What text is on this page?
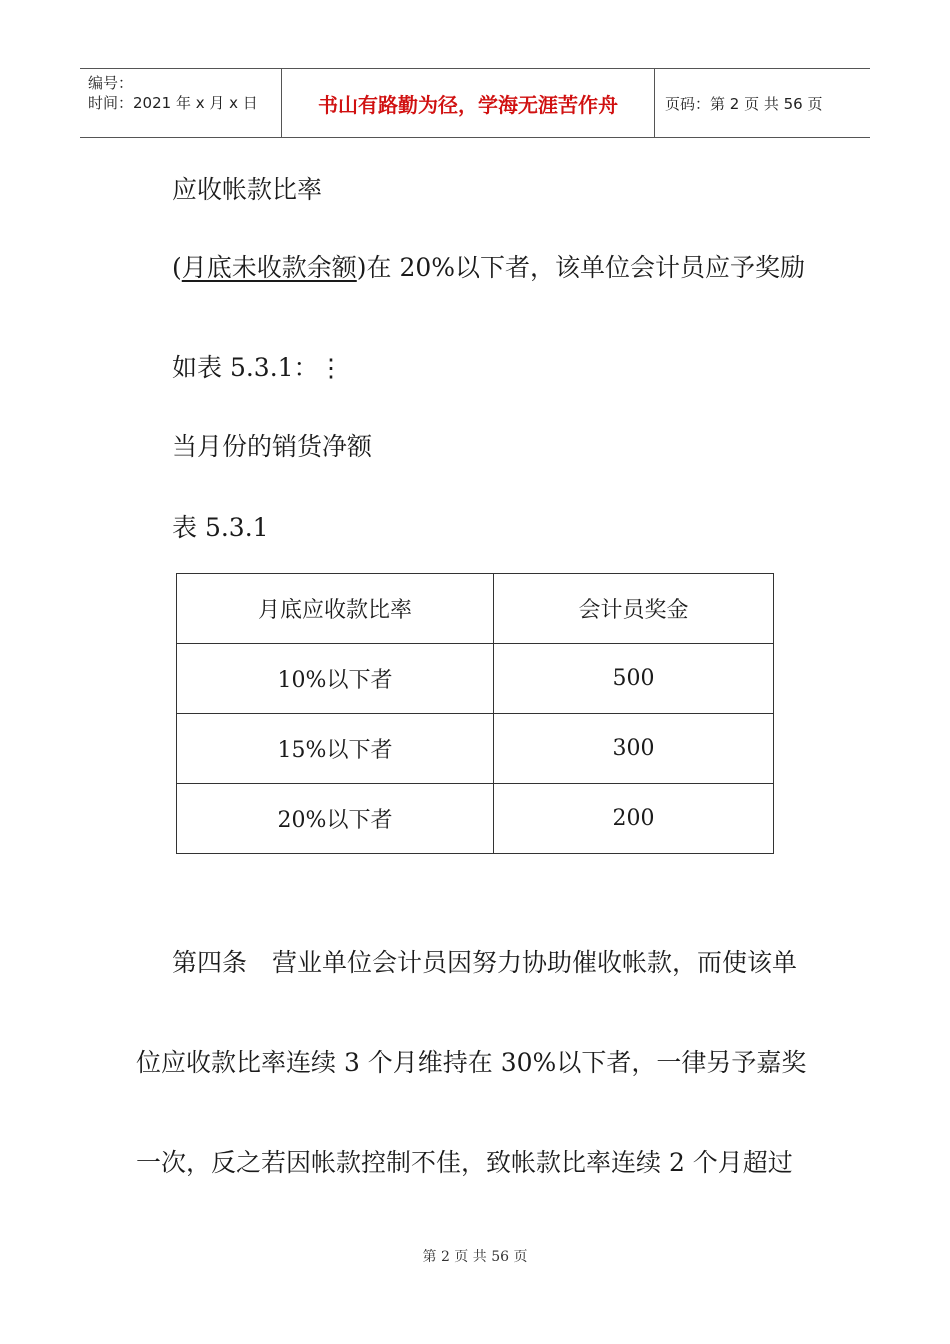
编号：
时间：2021 年 x 月 x 日	书山有路勤为径，学海无涯苦作舟	页码：第 2 页 共 56 页
应收帐款比率
(月底未收款余额)在 20%以下者，该单位会计员应予奖励
如表 5.3.1：⋮
当月份的销货净额
表 5.3.1
月底应收款比率	会计员奖金
10%以下者	500
15%以下者	300
20%以下者	200
第四条　营业单位会计员因努力协助催收帐款，而使该单
位应收款比率连续 3 个月维持在 30%以下者，一律另予嘉奖
一次，反之若因帐款控制不佳，致帐款比率连续 2 个月超过
第 2 页 共 56 页
